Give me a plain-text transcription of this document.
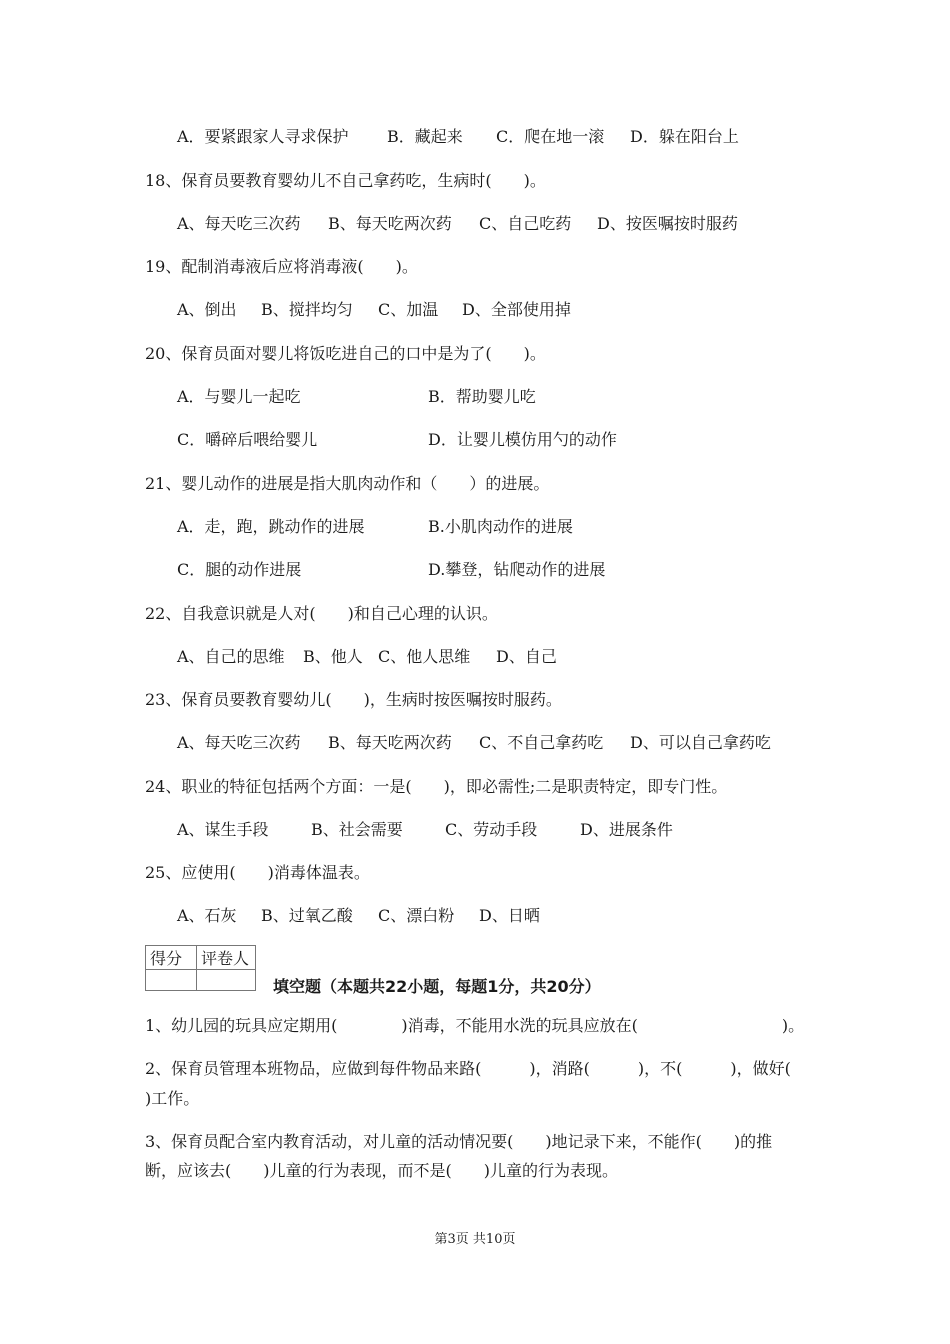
A．要紧跟家人寻求保护 B．藏起来 C．爬在地一滚 D．躲在阳台上
18、保育员要教育婴幼儿不自己拿药吃，生病时(　　)。
A、每天吃三次药 B、每天吃两次药 C、自己吃药 D、按医嘱按时服药
19、配制消毒液后应将消毒液(　　)。
A、倒出 B、搅拌均匀 C、加温 D、全部使用掉
20、保育员面对婴儿将饭吃进自己的口中是为了(　　)。
A．与婴儿一起吃	B．帮助婴儿吃
C．嚼碎后喂给婴儿	D．让婴儿模仿用勺的动作
21、婴儿动作的进展是指大肌肉动作和（　　）的进展。
A．走，跑，跳动作的进展	B.小肌肉动作的进展
C．腿的动作进展	D.攀登，钻爬动作的进展
22、自我意识就是人对(　　)和自己心理的认识。
A、自己的思维 B、他人 C、他人思维 D、自己
23、保育员要教育婴幼儿(　　)，生病时按医嘱按时服药。
A、每天吃三次药 B、每天吃两次药 C、不自己拿药吃 D、可以自己拿药吃
24、职业的特征包括两个方面：一是(　　)，即必需性;二是职责特定，即专门性。
A、谋生手段	B、社会需要	C、劳动手段	D、进展条件
25、应使用(　　)消毒体温表。
A、石灰 B、过氧乙酸 C、漂白粉 D、日晒
得分	评卷人

填空题（本题共22小题，每题1分，共20分）
1、幼儿园的玩具应定期用(　　　　)消毒，不能用水洗的玩具应放在(　　　　　　　　　)。
2、保育员管理本班物品，应做到每件物品来路(　　　)，消路(　　　)，不(　　　)，做好(
)工作。
3、保育员配合室内教育活动，对儿童的活动情况要(　　)地记录下来，不能作(　　)的推
断，应该去(　　)儿童的行为表现，而不是(　　)儿童的行为表现。
第3页 共10页
